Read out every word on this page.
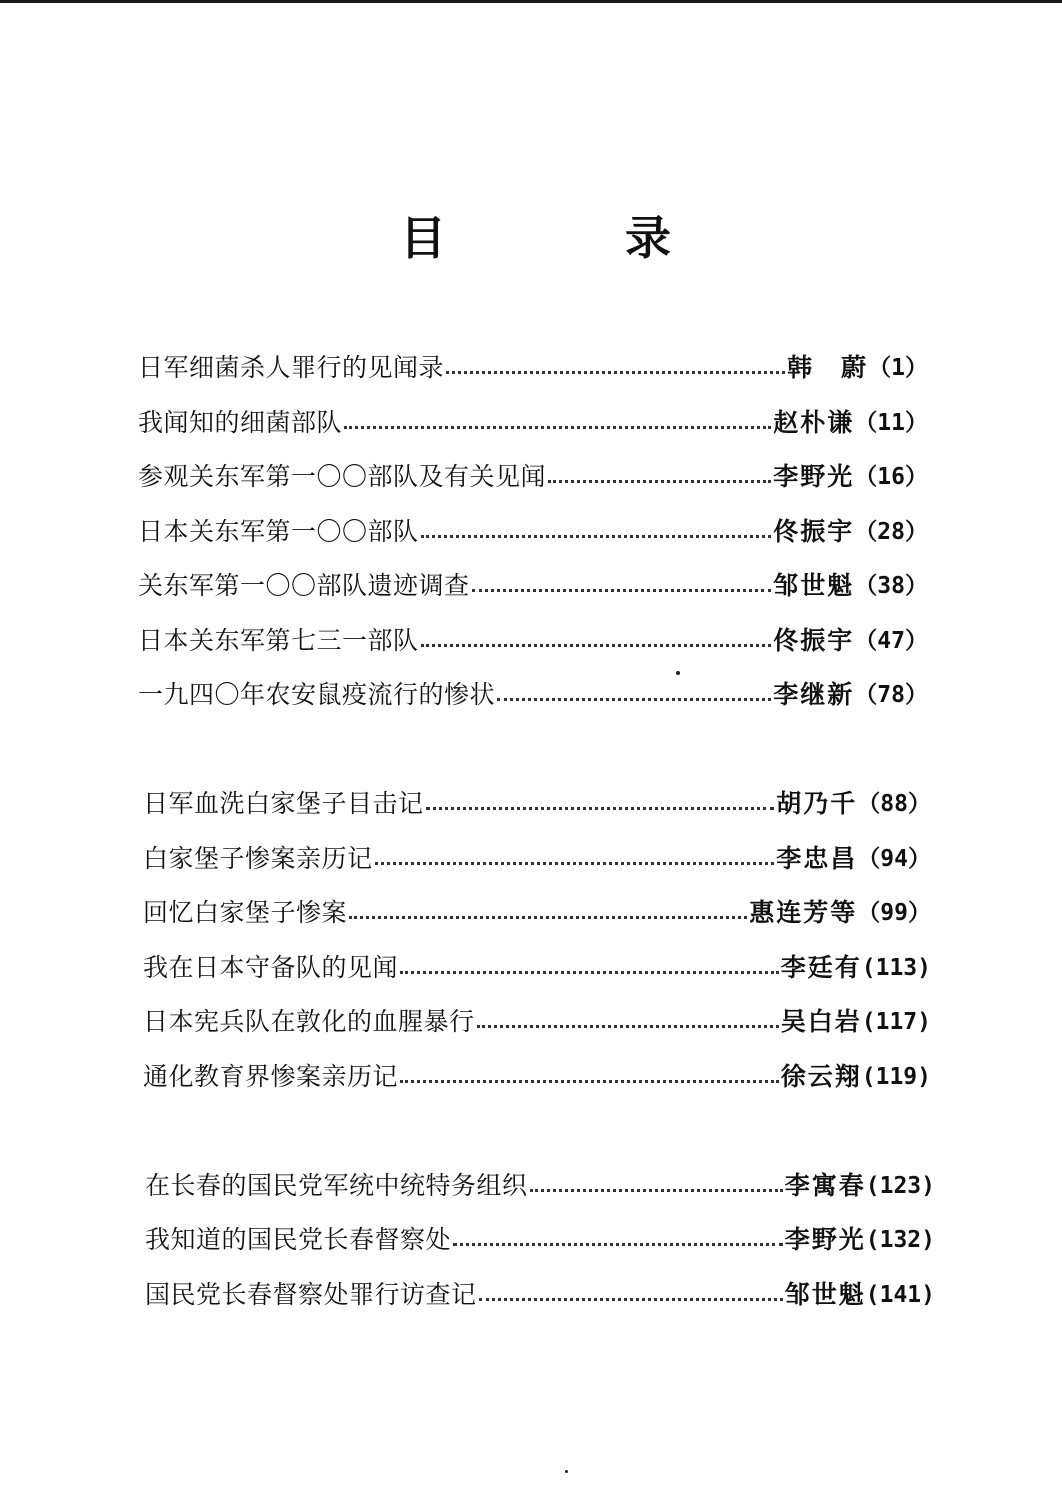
目	录
日军细菌杀人罪行的见闻录	韩　蔚 （1）
我闻知的细菌部队	赵朴谦 （11）
参观关东军第一〇〇部队及有关见闻	李野光 （16）
日本关东军第一〇〇部队	佟振宇 （28）
关东军第一〇〇部队遗迹调查	邹世魁 （38）
日本关东军第七三一部队	佟振宇 （47）
一九四〇年农安鼠疫流行的惨状	李继新 （78）
日军血洗白家堡子目击记	胡乃千 （88）
白家堡子惨案亲历记	李忠昌 （94）
回忆白家堡子惨案	惠连芳等 （99）
我在日本守备队的见闻	李廷有 (113)
日本宪兵队在敦化的血腥暴行	吴白岩 (117)
通化教育界惨案亲历记	徐云翔 (119)
在长春的国民党军统中统特务组织	李寓春 (123)
我知道的国民党长春督察处	李野光 (132)
国民党长春督察处罪行访查记	邹世魁 (141)
